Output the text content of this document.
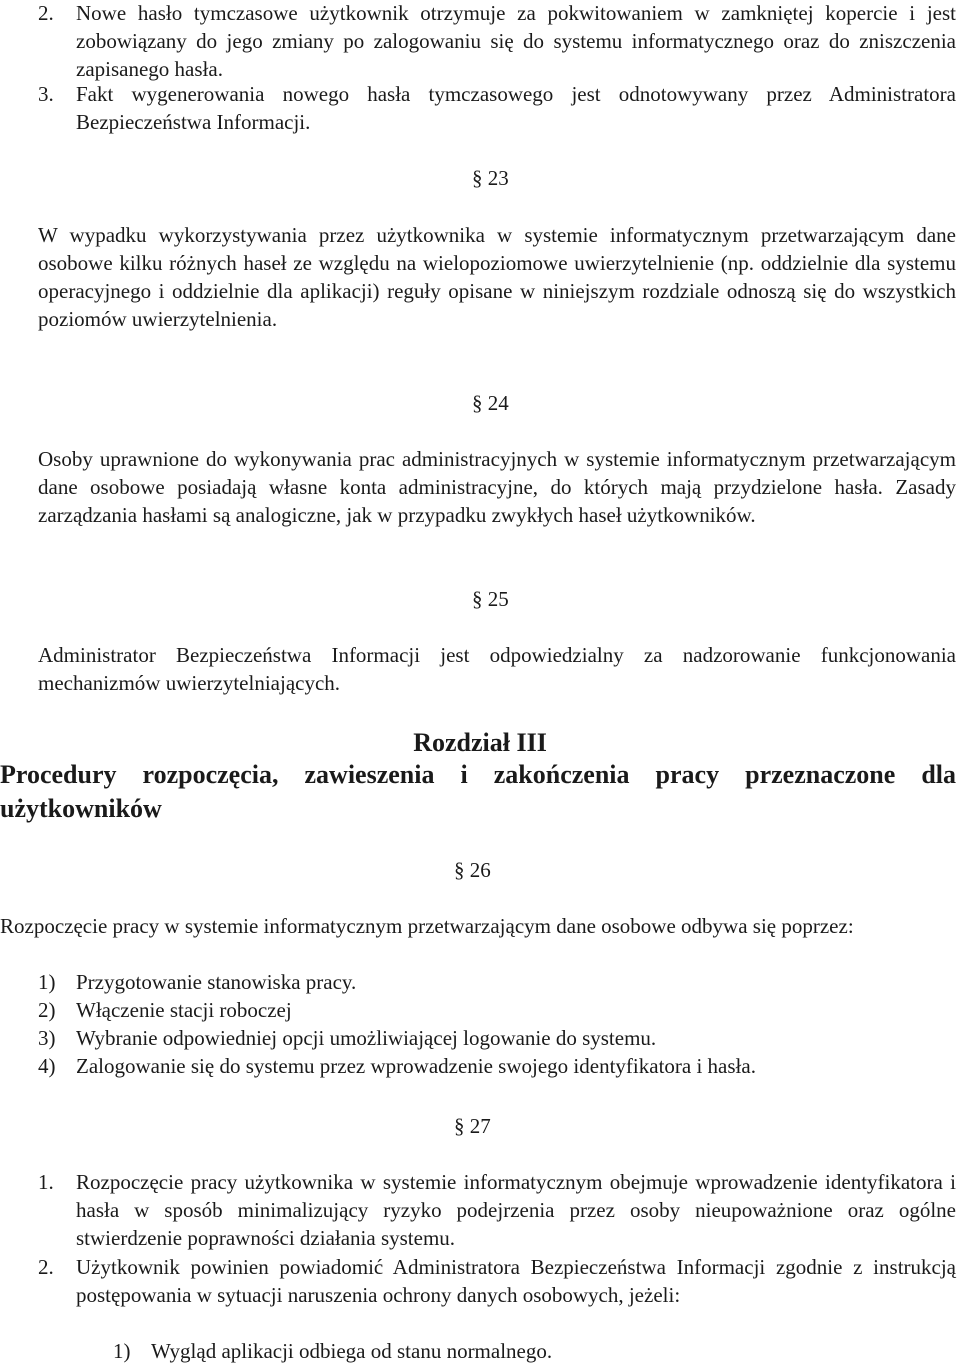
2.	Nowe hasło tymczasowe użytkownik otrzymuje za pokwitowaniem w zamkniętej kopercie i jest zobowiązany do jego zmiany po zalogowaniu się do systemu informatycznego oraz do zniszczenia zapisanego hasła.
3.	Fakt wygenerowania nowego hasła tymczasowego jest odnotowywany przez Administratora Bezpieczeństwa Informacji.
§ 23
W wypadku wykorzystywania przez użytkownika w systemie informatycznym przetwarzającym dane osobowe kilku różnych haseł ze względu na wielopoziomowe uwierzytelnienie (np. oddzielnie dla systemu operacyjnego i oddzielnie dla aplikacji) reguły opisane w niniejszym rozdziale odnoszą się do wszystkich poziomów uwierzytelnienia.
§ 24
Osoby uprawnione do wykonywania prac administracyjnych w systemie informatycznym przetwarzającym dane osobowe posiadają własne konta administracyjne, do których mają przydzielone hasła. Zasady zarządzania hasłami są analogiczne, jak w przypadku zwykłych haseł użytkowników.
§ 25
Administrator Bezpieczeństwa Informacji jest odpowiedzialny za nadzorowanie funkcjonowania mechanizmów uwierzytelniających.
Rozdział III
Procedury rozpoczęcia, zawieszenia i zakończenia pracy przeznaczone dla użytkowników
§ 26
Rozpoczęcie pracy w systemie informatycznym przetwarzającym dane osobowe odbywa się poprzez:
1) Przygotowanie stanowiska pracy.
2) Włączenie stacji roboczej
3) Wybranie odpowiedniej opcji umożliwiającej logowanie do systemu.
4) Zalogowanie się do systemu przez wprowadzenie swojego identyfikatora i hasła.
§ 27
1.	Rozpoczęcie pracy użytkownika w systemie informatycznym obejmuje wprowadzenie identyfikatora i hasła w sposób minimalizujący ryzyko podejrzenia przez osoby nieupoważnione oraz ogólne stwierdzenie poprawności działania systemu.
2.	Użytkownik powinien powiadomić Administratora Bezpieczeństwa Informacji zgodnie z instrukcją postępowania w sytuacji naruszenia ochrony danych osobowych, jeżeli:
1) Wygląd aplikacji odbiega od stanu normalnego.
